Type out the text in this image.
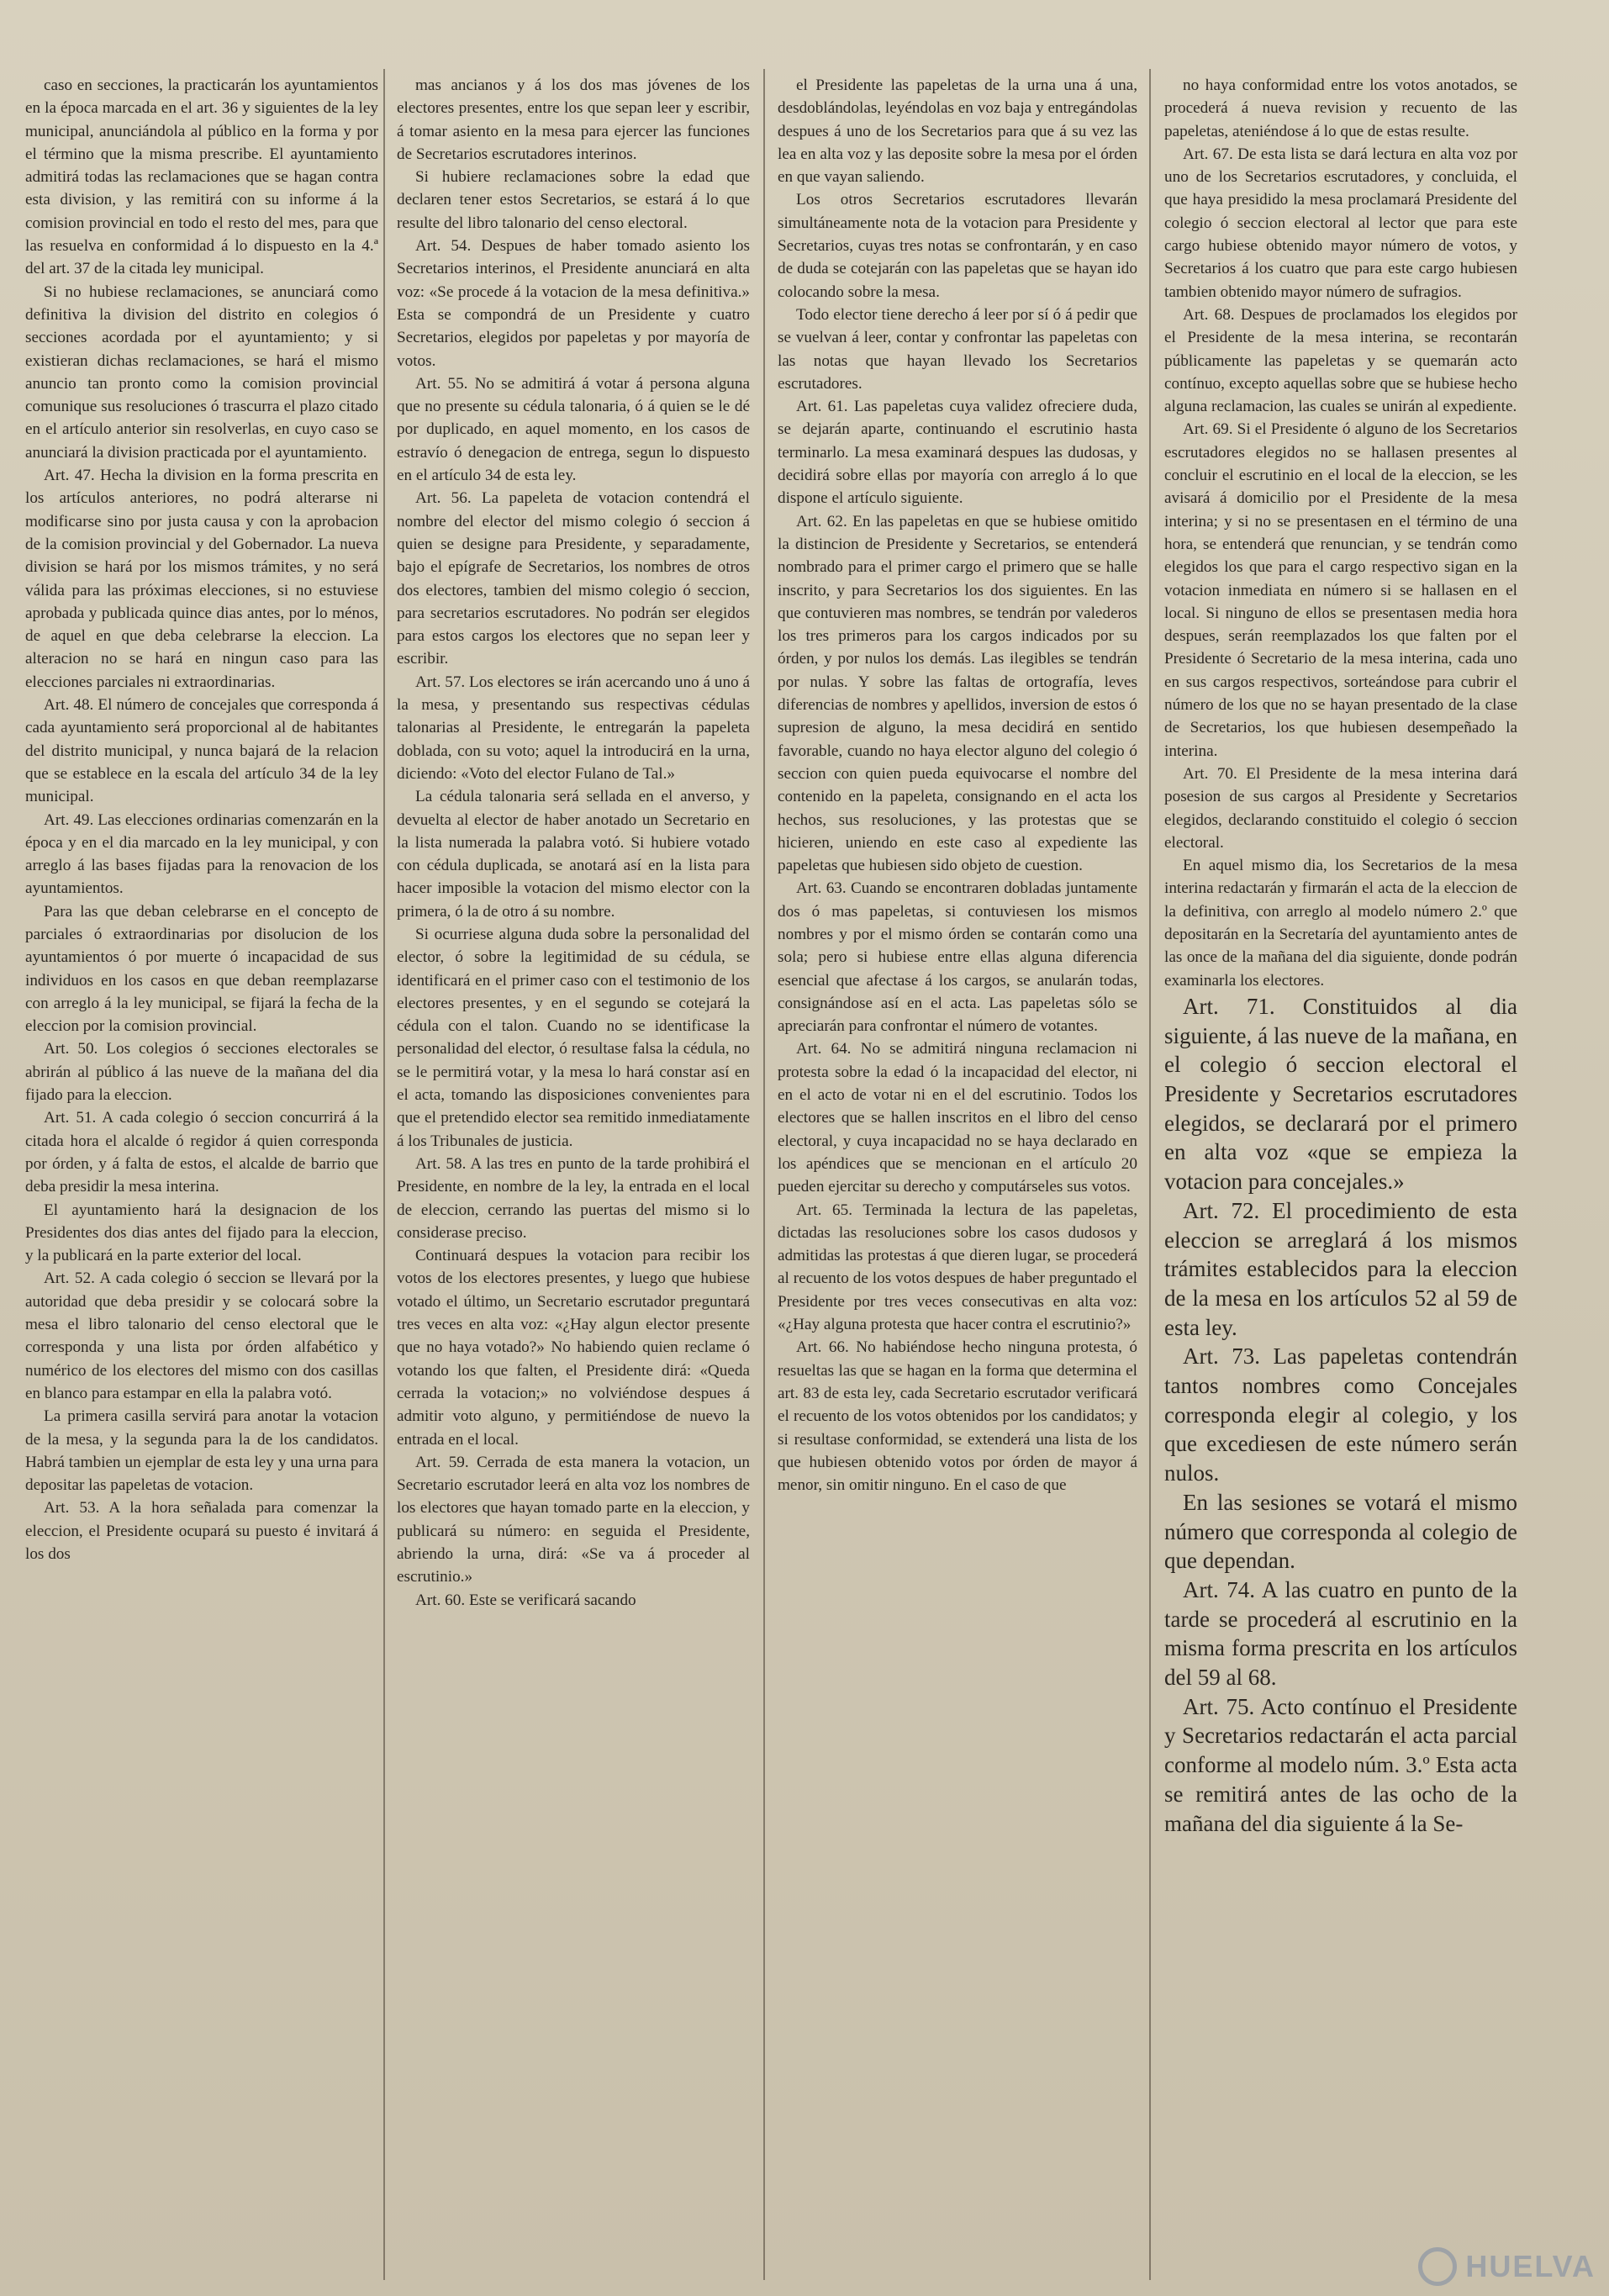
caso en secciones, la practicarán los ayuntamientos en la época marcada en el art. 36 y siguientes de la ley municipal, anunciándola al público en la forma y por el término que la misma prescribe. El ayuntamiento admitirá todas las reclamaciones que se hagan contra esta division, y las remitirá con su informe á la comision provincial en todo el resto del mes, para que las resuelva en conformidad á lo dispuesto en la 4.ª del art. 37 de la citada ley municipal.

Si no hubiese reclamaciones, se anunciará como definitiva la division del distrito en colegios ó secciones acordada por el ayuntamiento; y si existieran dichas reclamaciones, se hará el mismo anuncio tan pronto como la comision provincial comunique sus resoluciones ó trascurra el plazo citado en el artículo anterior sin resolverlas, en cuyo caso se anunciará la division practicada por el ayuntamiento.

Art. 47. Hecha la division en la forma prescrita en los artículos anteriores, no podrá alterarse ni modificarse sino por justa causa y con la aprobacion de la comision provincial y del Gobernador. La nueva division se hará por los mismos trámites, y no será válida para las próximas elecciones, si no estuviese aprobada y publicada quince dias antes, por lo ménos, de aquel en que deba celebrarse la eleccion. La alteracion no se hará en ningun caso para las elecciones parciales ni extraordinarias.

Art. 48. El número de concejales que corresponda á cada ayuntamiento será proporcional al de habitantes del distrito municipal, y nunca bajará de la relacion que se establece en la escala del artículo 34 de la ley municipal.

Art. 49. Las elecciones ordinarias comenzarán en la época y en el dia marcado en la ley municipal, y con arreglo á las bases fijadas para la renovacion de los ayuntamientos.

Para las que deban celebrarse en el concepto de parciales ó extraordinarias por disolucion de los ayuntamientos ó por muerte ó incapacidad de sus individuos en los casos en que deban reemplazarse con arreglo á la ley municipal, se fijará la fecha de la eleccion por la comision provincial.

Art. 50. Los colegios ó secciones electorales se abrirán al público á las nueve de la mañana del dia fijado para la eleccion.

Art. 51. A cada colegio ó seccion concurrirá á la citada hora el alcalde ó regidor á quien corresponda por órden, y á falta de estos, el alcalde de barrio que deba presidir la mesa interina.

El ayuntamiento hará la designacion de los Presidentes dos dias antes del fijado para la eleccion, y la publicará en la parte exterior del local.

Art. 52. A cada colegio ó seccion se llevará por la autoridad que deba presidir y se colocará sobre la mesa el libro talonario del censo electoral que le corresponda y una lista por órden alfabético y numérico de los electores del mismo con dos casillas en blanco para estampar en ella la palabra votó.

La primera casilla servirá para anotar la votacion de la mesa, y la segunda para la de los candidatos. Habrá tambien un ejemplar de esta ley y una urna para depositar las papeletas de votacion.

Art. 53. A la hora señalada para comenzar la eleccion, el Presidente ocupará su puesto é invitará á los dos

mas ancianos y á los dos mas jóvenes de los electores presentes, entre los que sepan leer y escribir, á tomar asiento en la mesa para ejercer las funciones de Secretarios escrutadores interinos.

Si hubiere reclamaciones sobre la edad que declaren tener estos Secretarios, se estará á lo que resulte del libro talonario del censo electoral.

Art. 54. Despues de haber tomado asiento los Secretarios interinos, el Presidente anunciará en alta voz: «Se procede á la votacion de la mesa definitiva.» Esta se compondrá de un Presidente y cuatro Secretarios, elegidos por papeletas y por mayoría de votos.

Art. 55. No se admitirá á votar á persona alguna que no presente su cédula talonaria, ó á quien se le dé por duplicado, en aquel momento, en los casos de estravío ó denegacion de entrega, segun lo dispuesto en el artículo 34 de esta ley.

Art. 56. La papeleta de votacion contendrá el nombre del elector del mismo colegio ó seccion á quien se designe para Presidente, y separadamente, bajo el epígrafe de Secretarios, los nombres de otros dos electores, tambien del mismo colegio ó seccion, para secretarios escrutadores. No podrán ser elegidos para estos cargos los electores que no sepan leer y escribir.

Art. 57. Los electores se irán acercando uno á uno á la mesa, y presentando sus respectivas cédulas talonarias al Presidente, le entregarán la papeleta doblada, con su voto; aquel la introducirá en la urna, diciendo: «Voto del elector Fulano de Tal.»

La cédula talonaria será sellada en el anverso, y devuelta al elector de haber anotado un Secretario en la lista numerada la palabra votó. Si hubiere votado con cédula duplicada, se anotará así en la lista para hacer imposible la votacion del mismo elector con la primera, ó la de otro á su nombre.

Si ocurriese alguna duda sobre la personalidad del elector, ó sobre la legitimidad de su cédula, se identificará en el primer caso con el testimonio de los electores presentes, y en el segundo se cotejará la cédula con el talon. Cuando no se identificase la personalidad del elector, ó resultase falsa la cédula, no se le permitirá votar, y la mesa lo hará constar así en el acta, tomando las disposiciones convenientes para que el pretendido elector sea remitido inmediatamente á los Tribunales de justicia.

Art. 58. A las tres en punto de la tarde prohibirá el Presidente, en nombre de la ley, la entrada en el local de eleccion, cerrando las puertas del mismo si lo considerase preciso.

Continuará despues la votacion para recibir los votos de los electores presentes, y luego que hubiese votado el último, un Secretario escrutador preguntará tres veces en alta voz: «¿Hay algun elector presente que no haya votado?» No habiendo quien reclame ó votando los que falten, el Presidente dirá: «Queda cerrada la votacion;» no volviéndose despues á admitir voto alguno, y permitiéndose de nuevo la entrada en el local.

Art. 59. Cerrada de esta manera la votacion, un Secretario escrutador leerá en alta voz los nombres de los electores que hayan tomado parte en la eleccion, y publicará su número: en seguida el Presidente, abriendo la urna, dirá: «Se va á proceder al escrutinio.»

Art. 60. Este se verificará sacando

el Presidente las papeletas de la urna una á una, desdoblándolas, leyéndolas en voz baja y entregándolas despues á uno de los Secretarios para que á su vez las lea en alta voz y las deposite sobre la mesa por el órden en que vayan saliendo.

Los otros Secretarios escrutadores llevarán simultáneamente nota de la votacion para Presidente y Secretarios, cuyas tres notas se confrontarán, y en caso de duda se cotejarán con las papeletas que se hayan ido colocando sobre la mesa.

Todo elector tiene derecho á leer por sí ó á pedir que se vuelvan á leer, contar y confrontar las papeletas con las notas que hayan llevado los Secretarios escrutadores.

Art. 61. Las papeletas cuya validez ofreciere duda, se dejarán aparte, continuando el escrutinio hasta terminarlo. La mesa examinará despues las dudosas, y decidirá sobre ellas por mayoría con arreglo á lo que dispone el artículo siguiente.

Art. 62. En las papeletas en que se hubiese omitido la distincion de Presidente y Secretarios, se entenderá nombrado para el primer cargo el primero que se halle inscrito, y para Secretarios los dos siguientes. En las que contuvieren mas nombres, se tendrán por valederos los tres primeros para los cargos indicados por su órden, y por nulos los demás. Las ilegibles se tendrán por nulas. Y sobre las faltas de ortografía, leves diferencias de nombres y apellidos, inversion de estos ó supresion de alguno, la mesa decidirá en sentido favorable, cuando no haya elector alguno del colegio ó seccion con quien pueda equivocarse el nombre del contenido en la papeleta, consignando en el acta los hechos, sus resoluciones, y las protestas que se hicieren, uniendo en este caso al expediente las papeletas que hubiesen sido objeto de cuestion.

Art. 63. Cuando se encontraren dobladas juntamente dos ó mas papeletas, si contuviesen los mismos nombres y por el mismo órden se contarán como una sola; pero si hubiese entre ellas alguna diferencia esencial que afectase á los cargos, se anularán todas, consignándose así en el acta. Las papeletas sólo se apreciarán para confrontar el número de votantes.

Art. 64. No se admitirá ninguna reclamacion ni protesta sobre la edad ó la incapacidad del elector, ni en el acto de votar ni en el del escrutinio. Todos los electores que se hallen inscritos en el libro del censo electoral, y cuya incapacidad no se haya declarado en los apéndices que se mencionan en el artículo 20 pueden ejercitar su derecho y computárseles sus votos.

Art. 65. Terminada la lectura de las papeletas, dictadas las resoluciones sobre los casos dudosos y admitidas las protestas á que dieren lugar, se procederá al recuento de los votos despues de haber preguntado el Presidente por tres veces consecutivas en alta voz: «¿Hay alguna protesta que hacer contra el escrutinio?»

Art. 66. No habiéndose hecho ninguna protesta, ó resueltas las que se hagan en la forma que determina el art. 83 de esta ley, cada Secretario escrutador verificará el recuento de los votos obtenidos por los candidatos; y si resultase conformidad, se extenderá una lista de los que hubiesen obtenido votos por órden de mayor á menor, sin omitir ninguno. En el caso de que

no haya conformidad entre los votos anotados, se procederá á nueva revision y recuento de las papeletas, ateniéndose á lo que de estas resulte.

Art. 67. De esta lista se dará lectura en alta voz por uno de los Secretarios escrutadores, y concluida, el que haya presidido la mesa proclamará Presidente del colegio ó seccion electoral al lector que para este cargo hubiese obtenido mayor número de votos, y Secretarios á los cuatro que para este cargo hubiesen tambien obtenido mayor número de sufragios.

Art. 68. Despues de proclamados los elegidos por el Presidente de la mesa interina, se recontarán públicamente las papeletas y se quemarán acto contínuo, excepto aquellas sobre que se hubiese hecho alguna reclamacion, las cuales se unirán al expediente.

Art. 69. Si el Presidente ó alguno de los Secretarios escrutadores elegidos no se hallasen presentes al concluir el escrutinio en el local de la eleccion, se les avisará á domicilio por el Presidente de la mesa interina; y si no se presentasen en el término de una hora, se entenderá que renuncian, y se tendrán como elegidos los que para el cargo respectivo sigan en la votacion inmediata en número si se hallasen en el local. Si ninguno de ellos se presentasen media hora despues, serán reemplazados los que falten por el Presidente ó Secretario de la mesa interina, cada uno en sus cargos respectivos, sorteándose para cubrir el número de los que no se hayan presentado de la clase de Secretarios, los que hubiesen desempeñado la interina.

Art. 70. El Presidente de la mesa interina dará posesion de sus cargos al Presidente y Secretarios elegidos, declarando constituido el colegio ó seccion electoral.

En aquel mismo dia, los Secretarios de la mesa interina redactarán y firmarán el acta de la eleccion de la definitiva, con arreglo al modelo número 2.º que depositarán en la Secretaría del ayuntamiento antes de las once de la mañana del dia siguiente, donde podrán examinarla los electores.

Art. 71. Constituidos al dia siguiente, á las nueve de la mañana, en el colegio ó seccion electoral el Presidente y Secretarios escrutadores elegidos, se declarará por el primero en alta voz «que se empieza la votacion para concejales.»

Art. 72. El procedimiento de esta eleccion se arreglará á los mismos trámites establecidos para la eleccion de la mesa en los artículos 52 al 59 de esta ley.

Art. 73. Las papeletas contendrán tantos nombres como Concejales corresponda elegir al colegio, y los que excediesen de este número serán nulos.

En las sesiones se votará el mismo número que corresponda al colegio de que dependan.

Art. 74. A las cuatro en punto de la tarde se procederá al escrutinio en la misma forma prescrita en los artículos del 59 al 68.

Art. 75. Acto contínuo el Presidente y Secretarios redactarán el acta parcial conforme al modelo núm. 3.º Esta acta se remitirá antes de las ocho de la mañana del dia siguiente á la Se-

HUELVA
